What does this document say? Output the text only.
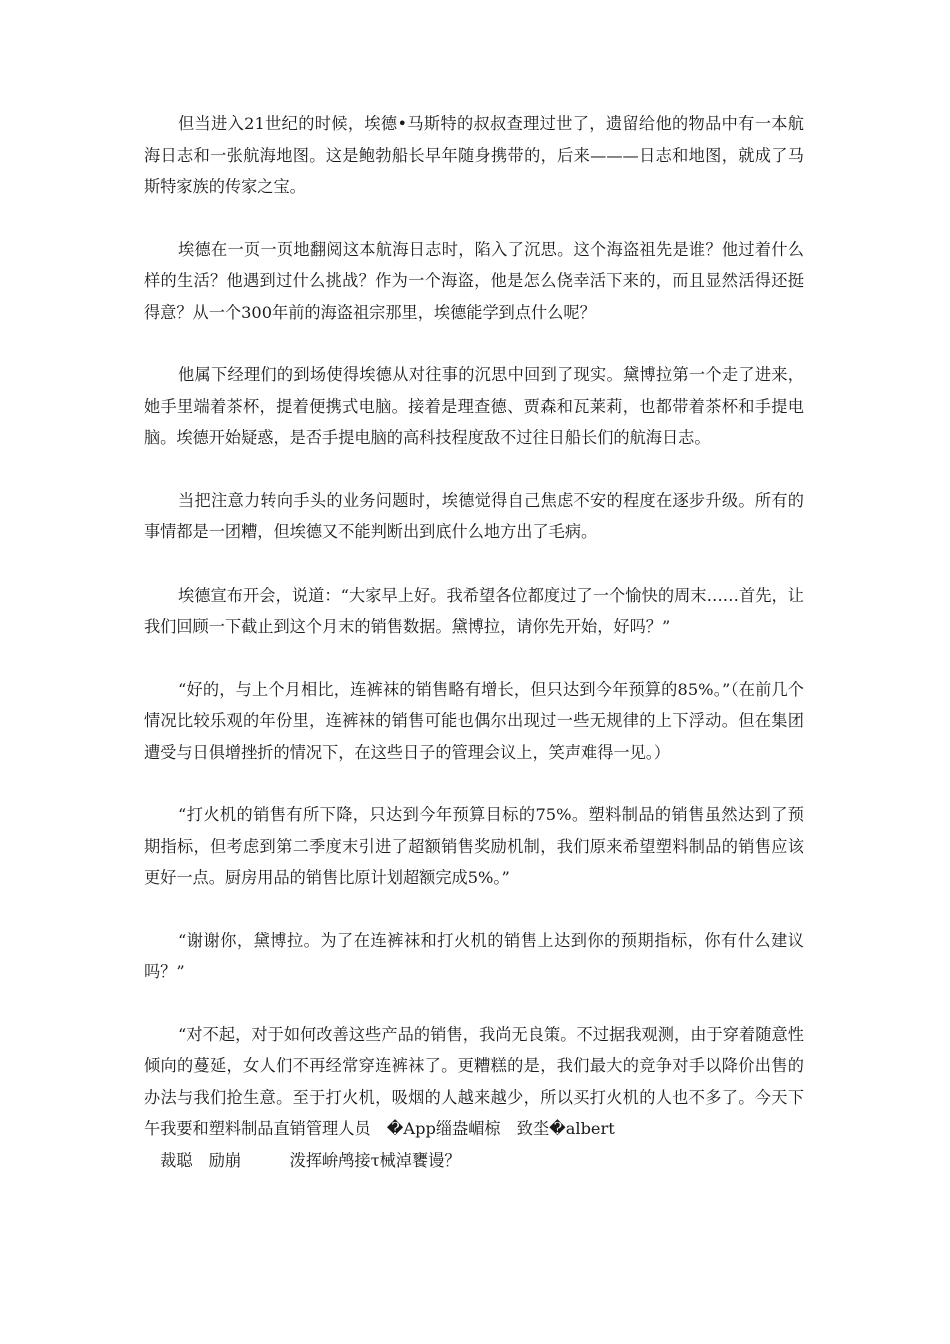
但当进入21世纪的时候，埃德•马斯特的叔叔查理过世了，遗留给他的物品中有一本航海日志和一张航海地图。这是鲍勃船长早年随身携带的，后来———日志和地图，就成了马斯特家族的传家之宝。

埃德在一页一页地翻阅这本航海日志时，陷入了沉思。这个海盗祖先是谁？他过着什么样的生活？他遇到过什么挑战？作为一个海盗，他是怎么侥幸活下来的，而且显然活得还挺得意？从一个300年前的海盗祖宗那里，埃德能学到点什么呢？

他属下经理们的到场使得埃德从对往事的沉思中回到了现实。黛博拉第一个走了进来，她手里端着茶杯，提着便携式电脑。接着是理查德、贾森和瓦莱莉，也都带着茶杯和手提电脑。埃德开始疑惑，是否手提电脑的高科技程度敌不过往日船长们的航海日志。

当把注意力转向手头的业务问题时，埃德觉得自己焦虑不安的程度在逐步升级。所有的事情都是一团糟，但埃德又不能判断出到底什么地方出了毛病。

埃德宣布开会，说道：“大家早上好。我希望各位都度过了一个愉快的周末……首先，让我们回顾一下截止到这个月末的销售数据。黛博拉，请你先开始，好吗？”

“好的，与上个月相比，连裤袜的销售略有增长，但只达到今年预算的85%。”（在前几个情况比较乐观的年份里，连裤袜的销售可能也偶尔出现过一些无规律的上下浮动。但在集团遭受与日俱增挫折的情况下，在这些日子的管理会议上，笑声难得一见。）

“打火机的销售有所下降，只达到今年预算目标的75%。塑料制品的销售虽然达到了预期指标，但考虑到第二季度末引进了超额销售奖励机制，我们原来希望塑料制品的销售应该更好一点。厨房用品的销售比原计划超额完成5%。”

“谢谢你，黛博拉。为了在连裤袜和打火机的销售上达到你的预期指标，你有什么建议吗？”

“对不起，对于如何改善这些产品的销售，我尚无良策。不过据我观测，由于穿着随意性倾向的蔓延，女人们不再经常穿连裤袜了。更糟糕的是，我们最大的竞争对手以降价出售的办法与我们抢生意。至于打火机，吸烟的人越来越少，所以买打火机的人也不多了。今天下午我要和塑料制品直销管理人员　�App缁盎嵋椋　致坔�albert

　裁聪　励崩　　　泼挥峅鸬接τ械淖饔谩？
